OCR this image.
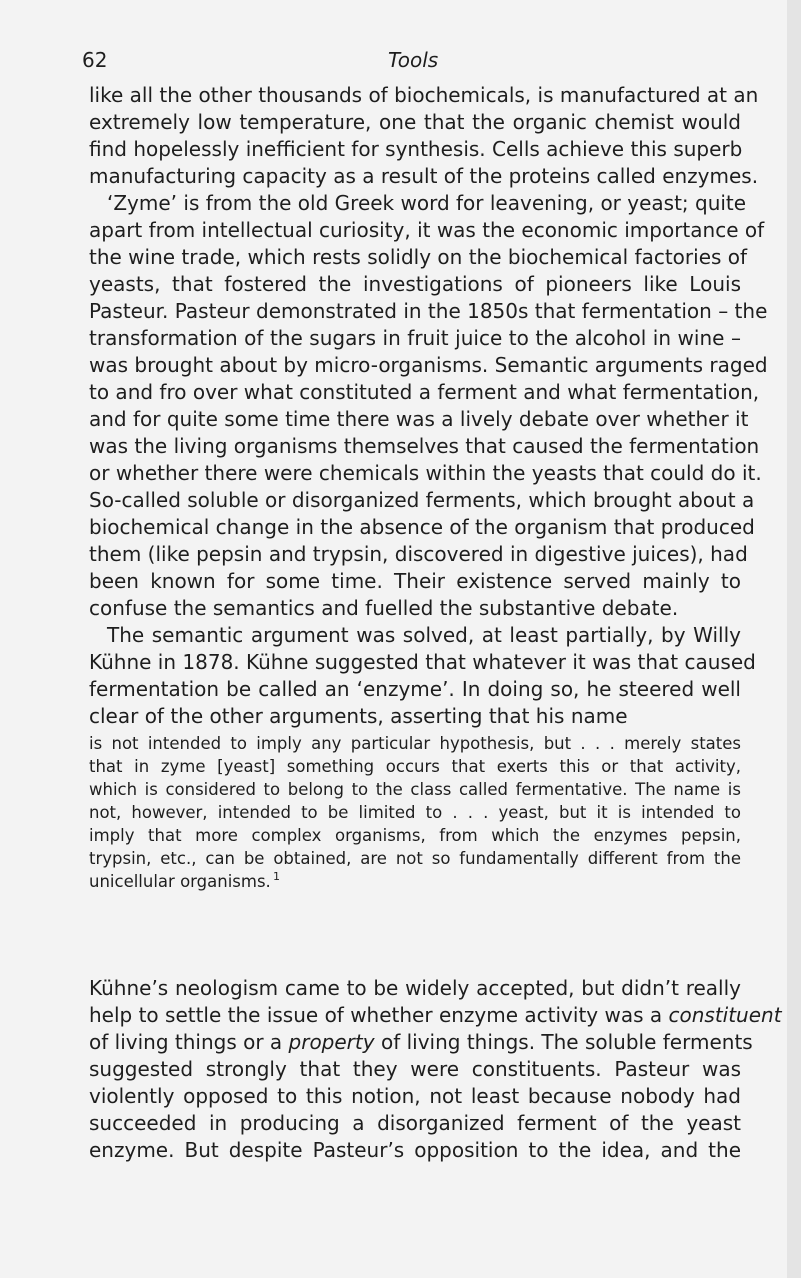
62	Tools
like all the other thousands of biochemicals, is manufactured at an
extremely low temperature, one that the organic chemist would
find hopelessly inefficient for synthesis. Cells achieve this superb
manufacturing capacity as a result of the proteins called enzymes.
‘Zyme’ is from the old Greek word for leavening, or yeast; quite
apart from intellectual curiosity, it was the economic importance of
the wine trade, which rests solidly on the biochemical factories of
yeasts, that fostered the investigations of pioneers like Louis
Pasteur. Pasteur demonstrated in the 1850s that fermentation – the
transformation of the sugars in fruit juice to the alcohol in wine –
was brought about by micro-organisms. Semantic arguments raged
to and fro over what constituted a ferment and what fermentation,
and for quite some time there was a lively debate over whether it
was the living organisms themselves that caused the fermentation
or whether there were chemicals within the yeasts that could do it.
So-called soluble or disorganized ferments, which brought about a
biochemical change in the absence of the organism that produced
them (like pepsin and trypsin, discovered in digestive juices), had
been known for some time. Their existence served mainly to
confuse the semantics and fuelled the substantive debate.
The semantic argument was solved, at least partially, by Willy
Kühne in 1878. Kühne suggested that whatever it was that caused
fermentation be called an ‘enzyme’. In doing so, he steered well
clear of the other arguments, asserting that his name
is not intended to imply any particular hypothesis, but . . . merely states
that in zyme [yeast] something occurs that exerts this or that activity,
which is considered to belong to the class called fermentative. The name is
not, however, intended to be limited to . . . yeast, but it is intended to
imply that more complex organisms, from which the enzymes pepsin,
trypsin, etc., can be obtained, are not so fundamentally different from the
unicellular organisms. 1
Kühne’s neologism came to be widely accepted, but didn’t really
help to settle the issue of whether enzyme activity was a constituent
of living things or a property of living things. The soluble ferments
suggested strongly that they were constituents. Pasteur was
violently opposed to this notion, not least because nobody had
succeeded in producing a disorganized ferment of the yeast
enzyme. But despite Pasteur’s opposition to the idea, and the
